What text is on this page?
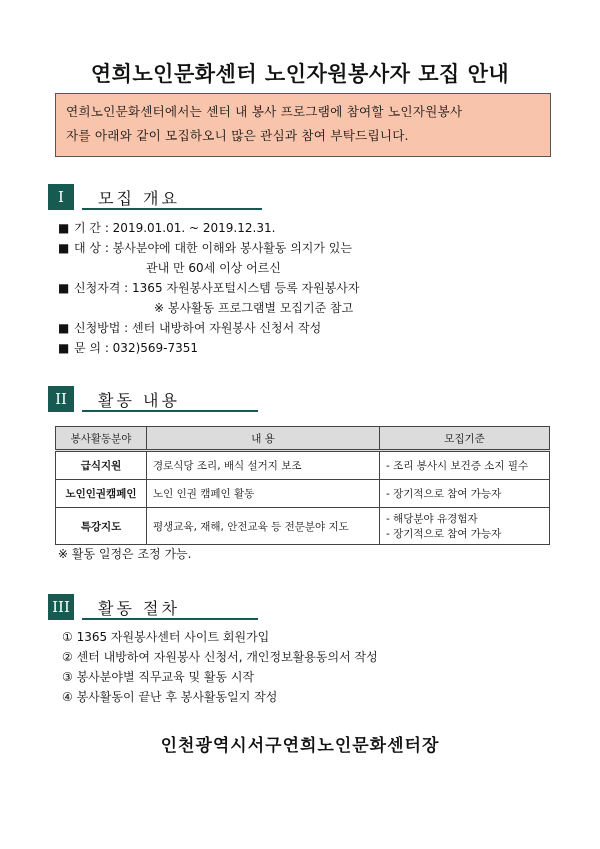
연희노인문화센터 노인자원봉사자 모집 안내
연희노인문화센터에서는 센터 내 봉사 프로그램에 참여할 노인자원봉사
자를 아래와 같이 모집하오니 많은 관심과 참여 부탁드립니다.
I	모집 개요
■ 기 간 : 2019.01.01. ~ 2019.12.31.
■ 대 상 : 봉사분야에 대한 이해와 봉사활동 의지가 있는
관내 만 60세 이상 어르신
■ 신청자격 : 1365 자원봉사포털시스템 등록 자원봉사자
※ 봉사활동 프로그램별 모집기준 참고
■ 신청방법 : 센터 내방하여 자원봉사 신청서 작성
■ 문 의 : 032)569-7351
II	활동 내용
봉사활동분야	내 용	모집기준
급식지원	경로식당 조리, 배식 설거지 보조	- 조리 봉사시 보건증 소지 필수
노인인권캠페인	노인 인권 캠페인 활동	- 장기적으로 참여 가능자
특강지도	평생교육, 재해, 안전교육 등 전문분야 지도	- 해당분야 유경험자
- 장기적으로 참여 가능자
※ 활동 일정은 조정 가능.
III 활동 절차
① 1365 자원봉사센터 사이트 회원가입
② 센터 내방하여 자원봉사 신청서, 개인정보활용동의서 작성
③ 봉사분야별 직무교육 및 활동 시작
④ 봉사활동이 끝난 후 봉사활동일지 작성
인천광역시서구연희노인문화센터장
